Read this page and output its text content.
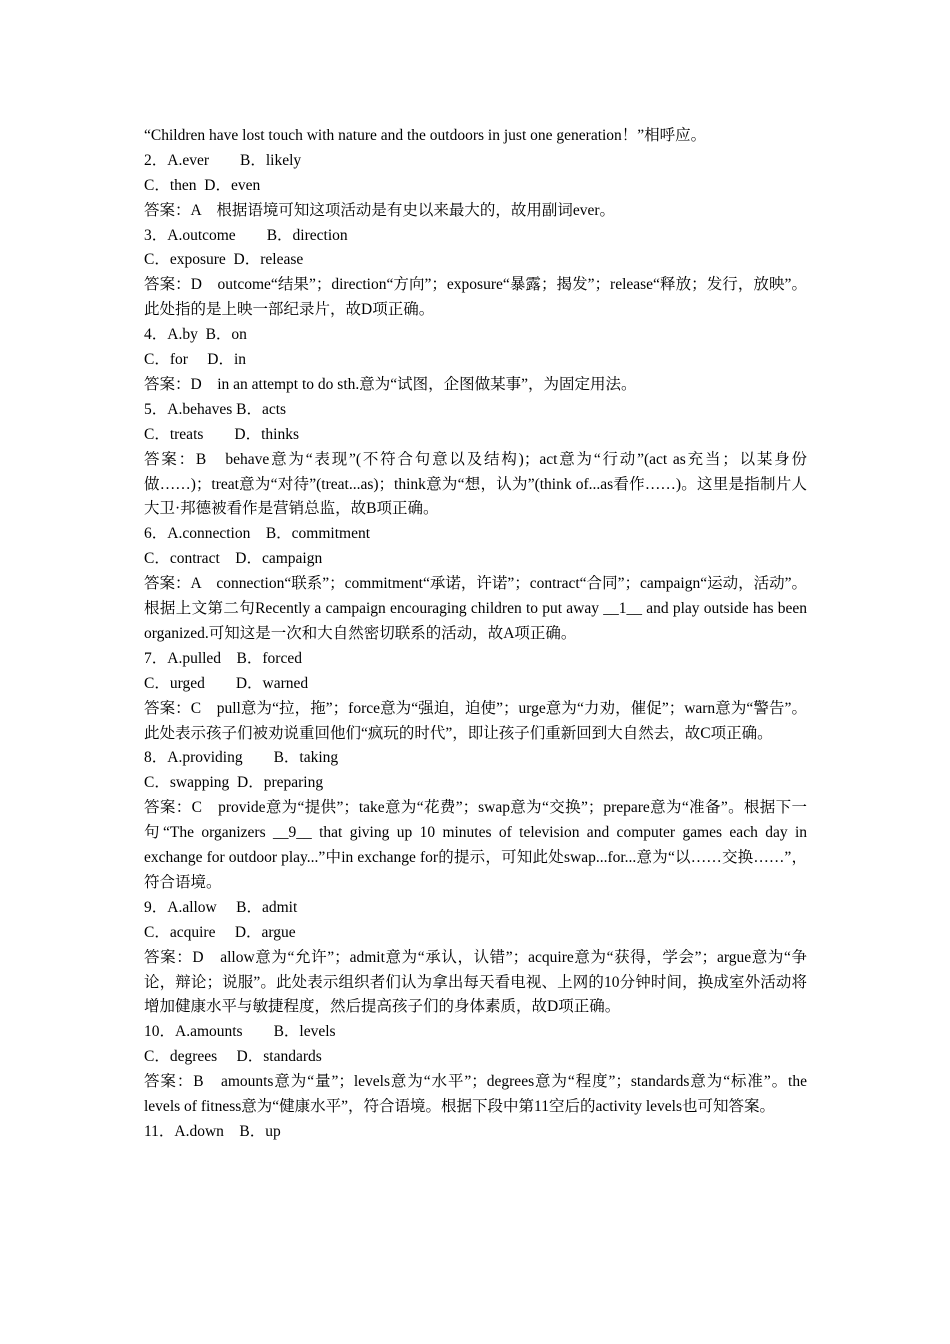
“Children have lost touch with nature and the outdoors in just one generation！”相呼应。
2．A.ever　　B．likely
C．then  D．even
答案：A　根据语境可知这项活动是有史以来最大的，故用副词ever。
3．A.outcome　　B．direction
C．exposure  D．release
答案：D　outcome“结果”；direction“方向”；exposure“暴露；揭发”；release“释放；发行，放映”。此处指的是上映一部纪录片，故D项正确。
4．A.by  B．on
C．for　 D．in
答案：D　in an attempt to do sth.意为“试图，企图做某事”，为固定用法。
5．A.behaves B．acts
C．treats　　D．thinks
答案：B　behave意为“表现”(不符合句意以及结构)；act意为“行动”(act as充当；以某身份做……)；treat意为“对待”(treat...as)；think意为“想，认为”(think of...as看作……)。这里是指制片人大卫·邦德被看作是营销总监，故B项正确。
6．A.connection　B．commitment
C．contract　D．campaign
答案：A　connection“联系”；commitment“承诺，许诺”；contract“合同”；campaign“运动，活动”。根据上文第二句Recently a campaign encouraging children to put away __1__ and play outside has been organized.可知这是一次和大自然密切联系的活动，故A项正确。
7．A.pulled　B．forced
C．urged　　D．warned
答案：C　pull意为“拉，拖”；force意为“强迫，迫使”；urge意为“力劝，催促”；warn意为“警告”。此处表示孩子们被劝说重回他们“疯玩的时代”，即让孩子们重新回到大自然去，故C项正确。
8．A.providing　　B．taking
C．swapping  D．preparing
答案：C　provide意为“提供”；take意为“花费”；swap意为“交换”；prepare意为“准备”。根据下一句“The organizers __9__ that giving up 10 minutes of television and computer games each day in exchange for outdoor play...”中in exchange for的提示，可知此处swap...for...意为“以……交换……”，符合语境。
9．A.allow　 B．admit
C．acquire　 D．argue
答案：D　allow意为“允许”；admit意为“承认，认错”；acquire意为“获得，学会”；argue意为“争论，辩论；说服”。此处表示组织者们认为拿出每天看电视、上网的10分钟时间，换成室外活动将增加健康水平与敏捷程度，然后提高孩子们的身体素质，故D项正确。
10．A.amounts　　B．levels
C．degrees　 D．standards
答案：B　amounts意为“量”；levels意为“水平”；degrees意为“程度”；standards意为“标准”。the levels of fitness意为“健康水平”，符合语境。根据下段中第11空后的activity levels也可知答案。
11．A.down　B．up
